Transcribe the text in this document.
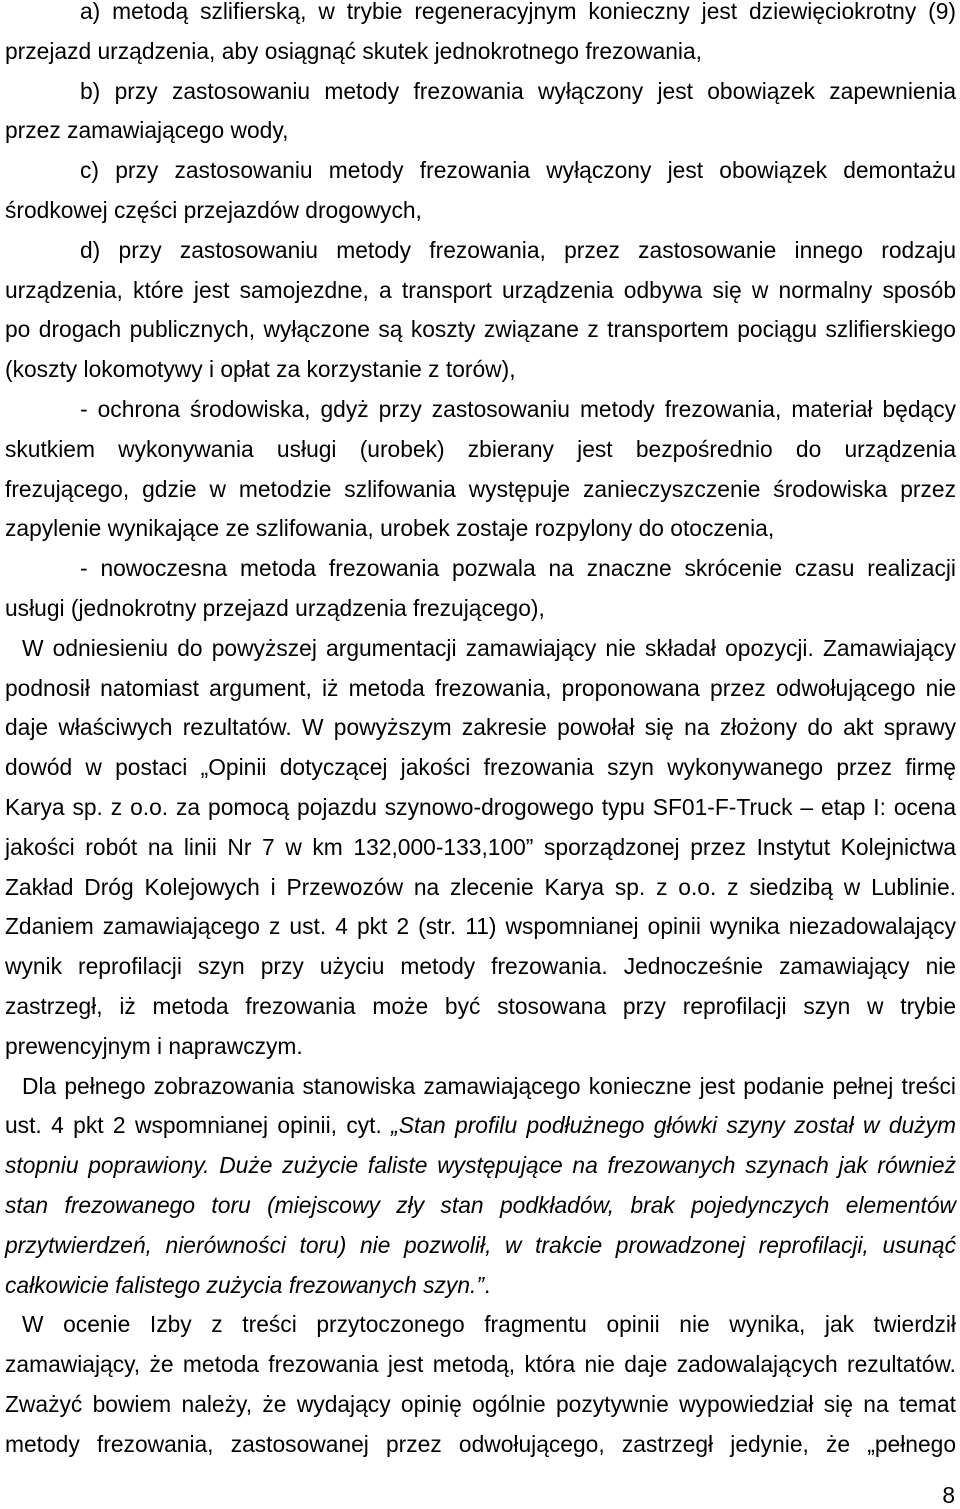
a) metodą szlifierską, w trybie regeneracyjnym konieczny jest dziewięciokrotny (9)
przejazd urządzenia, aby osiągnąć skutek jednokrotnego frezowania,
b) przy zastosowaniu metody frezowania wyłączony jest obowiązek zapewnienia
przez zamawiającego wody,
c) przy zastosowaniu metody frezowania wyłączony jest obowiązek demontażu
środkowej części przejazdów drogowych,
d) przy zastosowaniu metody frezowania, przez zastosowanie innego rodzaju
urządzenia, które jest samojezdne, a transport urządzenia odbywa się w normalny sposób
po drogach publicznych, wyłączone są koszty związane z transportem pociągu szlifierskiego
(koszty lokomotywy i opłat za korzystanie z torów),
- ochrona środowiska, gdyż przy zastosowaniu metody frezowania, materiał będący
skutkiem wykonywania usługi (urobek) zbierany jest bezpośrednio do urządzenia
frezującego, gdzie w metodzie szlifowania występuje zanieczyszczenie środowiska przez
zapylenie wynikające ze szlifowania, urobek zostaje rozpylony do otoczenia,
- nowoczesna metoda frezowania pozwala na znaczne skrócenie czasu realizacji
usługi (jednokrotny przejazd urządzenia frezującego),
W odniesieniu do powyższej argumentacji zamawiający nie składał opozycji. Zamawiający
podnosił natomiast argument, iż metoda frezowania, proponowana przez odwołującego nie
daje właściwych rezultatów. W powyższym zakresie powołał się na złożony do akt sprawy
dowód w postaci „Opinii dotyczącej jakości frezowania szyn wykonywanego przez firmę
Karya sp. z o.o. za pomocą pojazdu szynowo-drogowego typu SF01-F-Truck – etap I: ocena
jakości robót na linii Nr 7 w km 132,000-133,100” sporządzonej przez Instytut Kolejnictwa
Zakład Dróg Kolejowych i Przewozów na zlecenie Karya sp. z o.o. z siedzibą w Lublinie.
Zdaniem zamawiającego z ust. 4 pkt 2 (str. 11) wspomnianej opinii wynika niezadowalający
wynik reprofilacji szyn przy użyciu metody frezowania. Jednocześnie zamawiający nie
zastrzegł, iż metoda frezowania może być stosowana przy reprofilacji szyn w trybie
prewencyjnym i naprawczym.
Dla pełnego zobrazowania stanowiska zamawiającego konieczne jest podanie pełnej treści
ust. 4 pkt 2 wspomnianej opinii, cyt. „Stan profilu podłużnego główki szyny został w dużym
stopniu poprawiony. Duże zużycie faliste występujące na frezowanych szynach jak również
stan frezowanego toru (miejscowy zły stan podkładów, brak pojedynczych elementów
przytwierdzeń, nierówności toru) nie pozwolił, w trakcie prowadzonej reprofilacji, usunąć
całkowicie falistego zużycia frezowanych szyn.”.
W ocenie Izby z treści przytoczonego fragmentu opinii nie wynika, jak twierdził
zamawiający, że metoda frezowania jest metodą, która nie daje zadowalających rezultatów.
Zważyć bowiem należy, że wydający opinię ogólnie pozytywnie wypowiedział się na temat
metody frezowania, zastosowanej przez odwołującego, zastrzegł jedynie, że „pełnego
8
